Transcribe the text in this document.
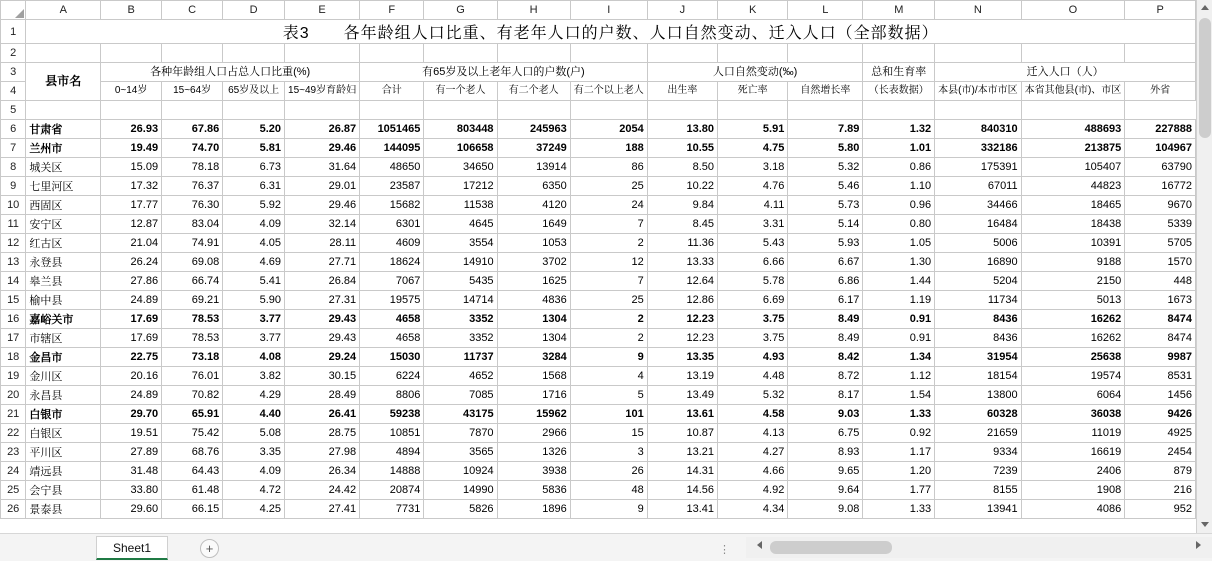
	A	B	C	D	E	F	G	H	I	J	K	L	M	N	O	P
1	表3　　各年龄组人口比重、有老年人口的户数、人口自然变动、迁入人口（全部数据）															
2																
3	县市名	各种年龄组人口占总人口比重(%)				有65岁及以上老年人口的户数(户)				人口自然变动(‰)			总和生育率	迁入人口（人）		
4		0~14岁	15~64岁	65岁及以上	15~49岁育龄妇	合计	有一个老人	有二个老人	有二个以上老人	出生率	死亡率	自然增长率	（长表数据）	本县(市)/本市市区	本省其他县(市)、市区	外省
5																
6	甘肃省	26.93	67.86	5.20	26.87	1051465	803448	245963	2054	13.80	5.91	7.89	1.32	840310	488693	227888
7	兰州市	19.49	74.70	5.81	29.46	144095	106658	37249	188	10.55	4.75	5.80	1.01	332186	213875	104967
8	城关区	15.09	78.18	6.73	31.64	48650	34650	13914	86	8.50	3.18	5.32	0.86	175391	105407	63790
9	七里河区	17.32	76.37	6.31	29.01	23587	17212	6350	25	10.22	4.76	5.46	1.10	67011	44823	16772
10	西固区	17.77	76.30	5.92	29.46	15682	11538	4120	24	9.84	4.11	5.73	0.96	34466	18465	9670
11	安宁区	12.87	83.04	4.09	32.14	6301	4645	1649	7	8.45	3.31	5.14	0.80	16484	18438	5339
12	红古区	21.04	74.91	4.05	28.11	4609	3554	1053	2	11.36	5.43	5.93	1.05	5006	10391	5705
13	永登县	26.24	69.08	4.69	27.71	18624	14910	3702	12	13.33	6.66	6.67	1.30	16890	9188	1570
14	皋兰县	27.86	66.74	5.41	26.84	7067	5435	1625	7	12.64	5.78	6.86	1.44	5204	2150	448
15	榆中县	24.89	69.21	5.90	27.31	19575	14714	4836	25	12.86	6.69	6.17	1.19	11734	5013	1673
16	嘉峪关市	17.69	78.53	3.77	29.43	4658	3352	1304	2	12.23	3.75	8.49	0.91	8436	16262	8474
17	市辖区	17.69	78.53	3.77	29.43	4658	3352	1304	2	12.23	3.75	8.49	0.91	8436	16262	8474
18	金昌市	22.75	73.18	4.08	29.24	15030	11737	3284	9	13.35	4.93	8.42	1.34	31954	25638	9987
19	金川区	20.16	76.01	3.82	30.15	6224	4652	1568	4	13.19	4.48	8.72	1.12	18154	19574	8531
20	永昌县	24.89	70.82	4.29	28.49	8806	7085	1716	5	13.49	5.32	8.17	1.54	13800	6064	1456
21	白银市	29.70	65.91	4.40	26.41	59238	43175	15962	101	13.61	4.58	9.03	1.33	60328	36038	9426
22	白银区	19.51	75.42	5.08	28.75	10851	7870	2966	15	10.87	4.13	6.75	0.92	21659	11019	4925
23	平川区	27.89	68.76	3.35	27.98	4894	3565	1326	3	13.21	4.27	8.93	1.17	9334	16619	2454
24	靖远县	31.48	64.43	4.09	26.34	14888	10924	3938	26	14.31	4.66	9.65	1.20	7239	2406	879
25	会宁县	33.80	61.48	4.72	24.42	20874	14990	5836	48	14.56	4.92	9.64	1.77	8155	1908	216
26	景泰县	29.60	66.15	4.25	27.41	7731	5826	1896	9	13.41	4.34	9.08	1.33	13941	4086	952
Sheet1	+	⋮
